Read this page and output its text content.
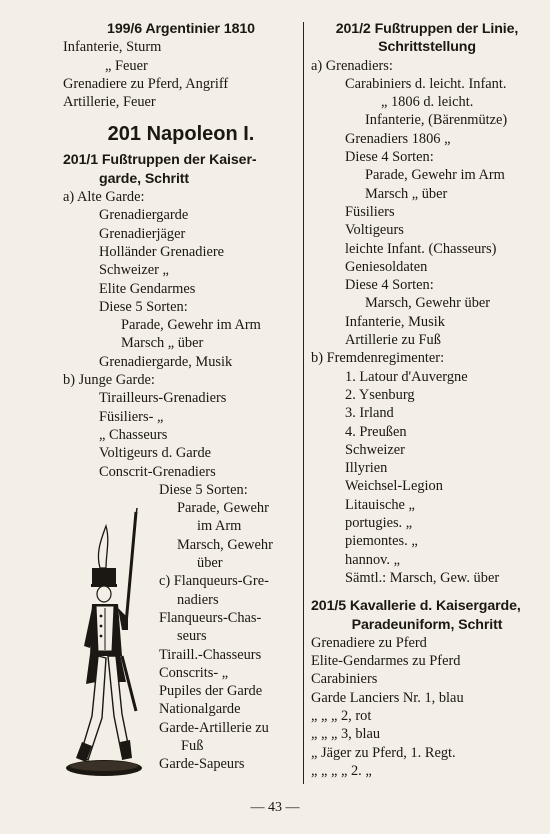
199/6 Argentinier 1810
Infanterie, Sturm
„ Feuer
Grenadiere zu Pferd, Angriff
Artillerie, Feuer
201 Napoleon I.
201/1 Fußtruppen der Kaiser-
garde, Schritt
a) Alte Garde:
Grenadiergarde
Grenadierjäger
Holländer Grenadiere
Schweizer „
Elite Gendarmes
Diese 5 Sorten:
Parade, Gewehr im Arm
Marsch „ über
Grenadiergarde, Musik
b) Junge Garde:
Tirailleurs-Grenadiers
Füsiliers- „
„ Chasseurs
Voltigeurs d. Garde
Conscrit-Grenadiers
Diese 5 Sorten:
Parade, Gewehr
im Arm
Marsch, Gewehr
über
c) Flanqueurs-Gre-
nadiers
Flanqueurs-Chas-
seurs
Tiraill.-Chasseurs
Conscrits- „
Pupiles der Garde
Nationalgarde
Garde-Artillerie zu
Fuß
Garde-Sapeurs
201/2 Fußtruppen der Linie,
Schrittstellung
a) Grenadiers:
Carabiniers d. leicht. Infant.
„ 1806 d. leicht.
Infanterie, (Bärenmütze)
Grenadiers 1806 „
Diese 4 Sorten:
Parade, Gewehr im Arm
Marsch „ über
Füsiliers
Voltigeurs
leichte Infant. (Chasseurs)
Geniesoldaten
Diese 4 Sorten:
Marsch, Gewehr über
Infanterie, Musik
Artillerie zu Fuß
b) Fremdenregimenter:
1. Latour d'Auvergne
2. Ysenburg
3. Irland
4. Preußen
Schweizer
Illyrien
Weichsel-Legion
Litauische „
portugies. „
piemontes. „
hannov. „
Sämtl.: Marsch, Gew. über
201/5 Kavallerie d. Kaisergarde,
Paradeuniform, Schritt
Grenadiere zu Pferd
Elite-Gendarmes zu Pferd
Carabiniers
Garde Lanciers Nr. 1, blau
„ „ „ 2, rot
„ „ „ 3, blau
„ Jäger zu Pferd, 1. Regt.
„ „ „ „ 2. „
— 43 —
